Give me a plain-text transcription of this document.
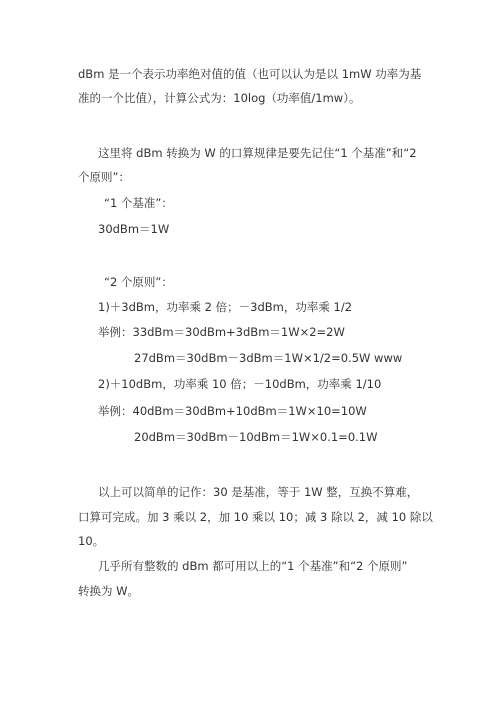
dBm 是一个表示功率绝对值的值（也可以认为是以 1mW 功率为基
准的一个比值），计算公式为：10log（功率值/1mw）。
这里将 dBm 转换为 W 的口算规律是要先记住“1 个基准”和“2
个原则”：
“1 个基准”：
30dBm＝1W
“2 个原则”：
1)＋3dBm，功率乘 2 倍；－3dBm，功率乘 1/2
举例：33dBm＝30dBm+3dBm＝1W×2=2W
27dBm＝30dBm－3dBm＝1W×1/2=0.5W www
2)＋10dBm，功率乘 10 倍；－10dBm，功率乘 1/10
举例：40dBm＝30dBm+10dBm＝1W×10=10W
20dBm＝30dBm－10dBm＝1W×0.1=0.1W
以上可以简单的记作：30 是基准，等于 1W 整，互换不算难，
口算可完成。加 3 乘以 2，加 10 乘以 10；减 3 除以 2，减 10 除以
10。
几乎所有整数的 dBm 都可用以上的“1 个基准”和“2 个原则”
转换为 W。
